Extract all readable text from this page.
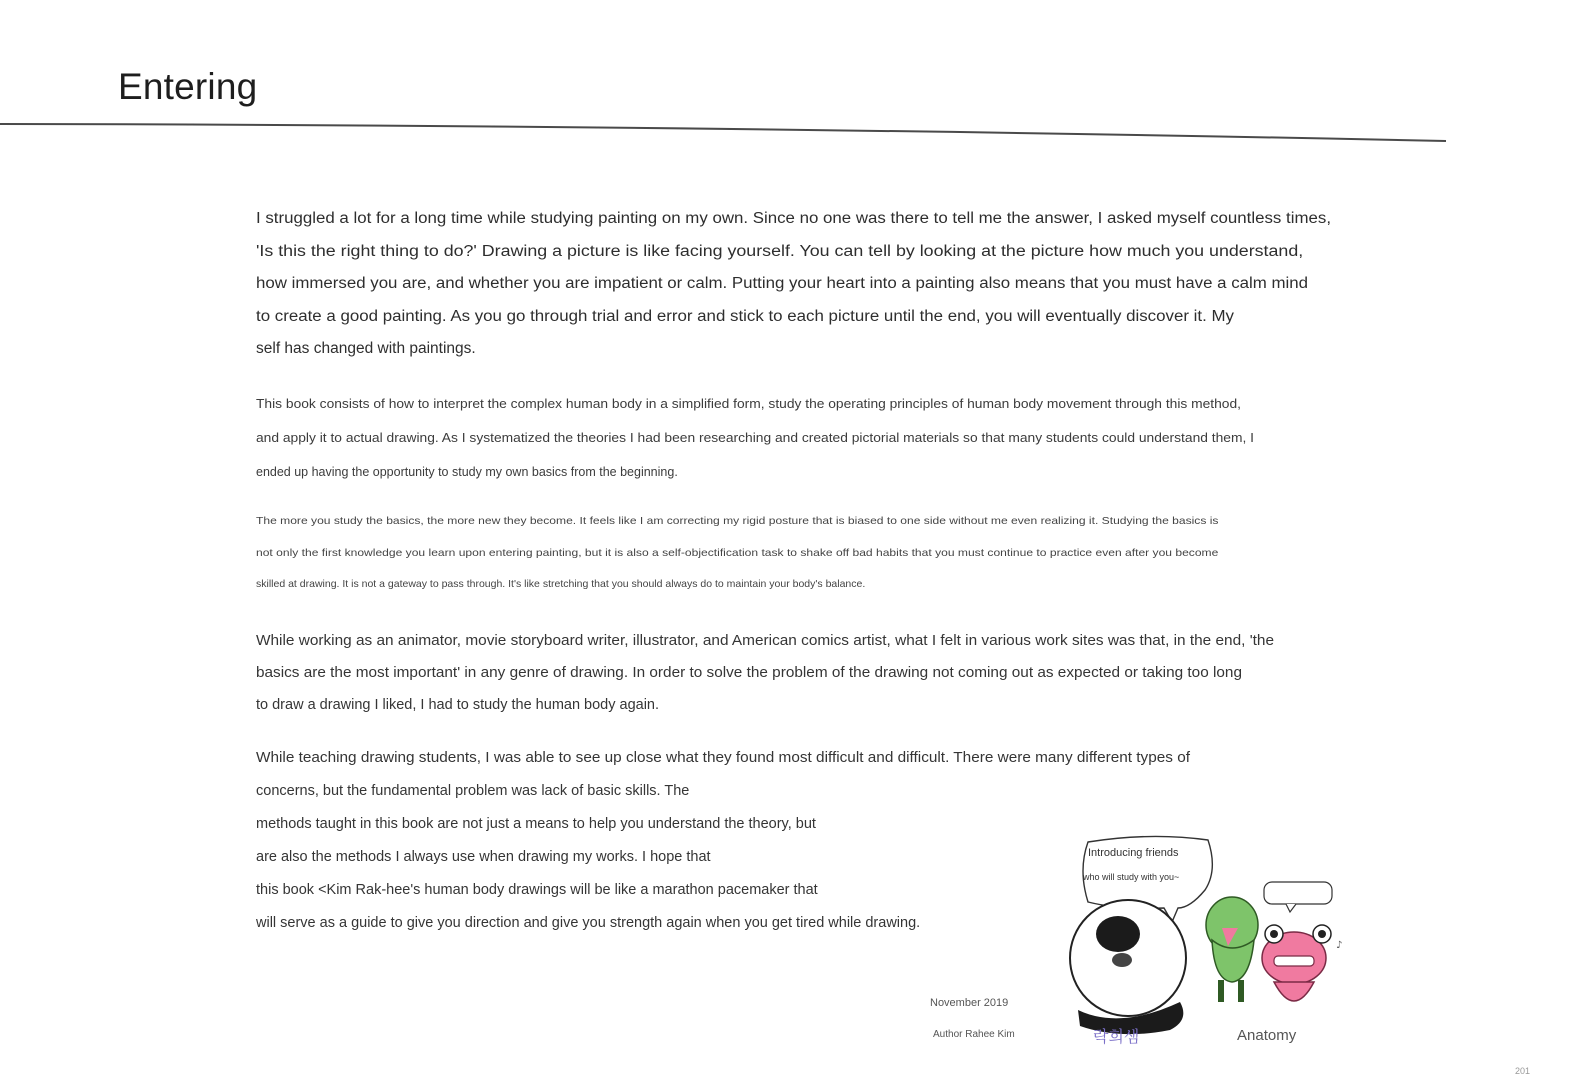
Entering
I struggled a lot for a long time while studying painting on my own. Since no one was there to tell me the answer, I asked myself countless times,
'Is this the right thing to do?' Drawing a picture is like facing yourself. You can tell by looking at the picture how much you understand,
how immersed you are, and whether you are impatient or calm. Putting your heart into a painting also means that you must have a calm mind
to create a good painting. As you go through trial and error and stick to each picture until the end, you will eventually discover it. My
self has changed with paintings.
This book consists of how to interpret the complex human body in a simplified form, study the operating principles of human body movement through this method,
and apply it to actual drawing. As I systematized the theories I had been researching and created pictorial materials so that many students could understand them, I
ended up having the opportunity to study my own basics from the beginning.
The more you study the basics, the more new they become. It feels like I am correcting my rigid posture that is biased to one side without me even realizing it. Studying the basics is
not only the first knowledge you learn upon entering painting, but it is also a self-objectification task to shake off bad habits that you must continue to practice even after you become
skilled at drawing. It is not a gateway to pass through. It's like stretching that you should always do to maintain your body's balance.
While working as an animator, movie storyboard writer, illustrator, and American comics artist, what I felt in various work sites was that, in the end, 'the
basics are the most important' in any genre of drawing. In order to solve the problem of the drawing not coming out as expected or taking too long
to draw a drawing I liked, I had to study the human body again.
While teaching drawing students, I was able to see up close what they found most difficult and difficult. There were many different types of
concerns, but the fundamental problem was lack of basic skills. The
methods taught in this book are not just a means to help you understand the theory, but
are also the methods I always use when drawing my works. I hope that
this book <Kim Rak-hee's human body drawings will be like a marathon pacemaker that
will serve as a guide to give you direction and give you strength again when you get tired while drawing.
November 2019
Author Rahee Kim
♪
Introducing friends
who will study with you~
락희샘	Anatomy
201
